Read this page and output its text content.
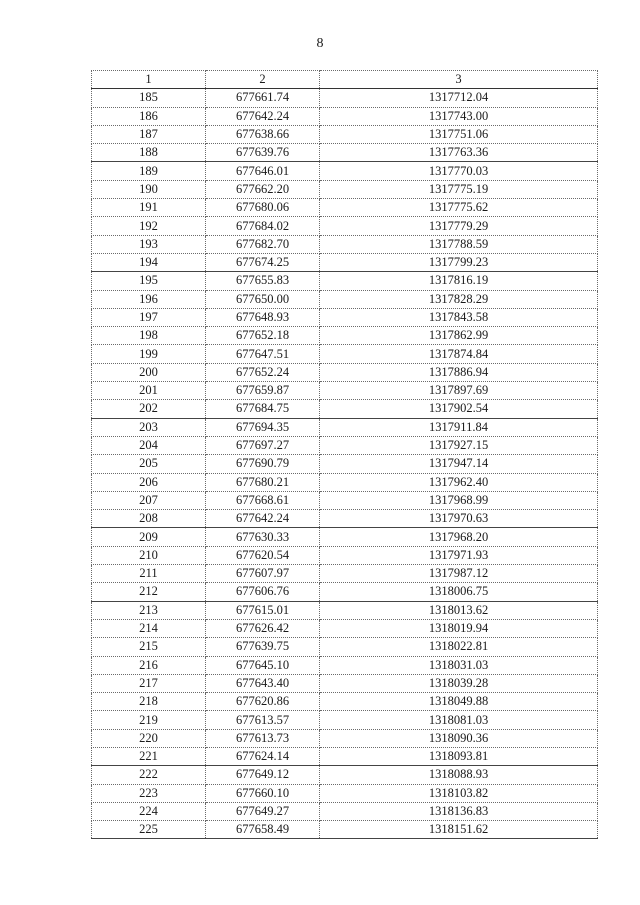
8
1	2	3
185	677661.74	1317712.04
186	677642.24	1317743.00
187	677638.66	1317751.06
188	677639.76	1317763.36
189	677646.01	1317770.03
190	677662.20	1317775.19
191	677680.06	1317775.62
192	677684.02	1317779.29
193	677682.70	1317788.59
194	677674.25	1317799.23
195	677655.83	1317816.19
196	677650.00	1317828.29
197	677648.93	1317843.58
198	677652.18	1317862.99
199	677647.51	1317874.84
200	677652.24	1317886.94
201	677659.87	1317897.69
202	677684.75	1317902.54
203	677694.35	1317911.84
204	677697.27	1317927.15
205	677690.79	1317947.14
206	677680.21	1317962.40
207	677668.61	1317968.99
208	677642.24	1317970.63
209	677630.33	1317968.20
210	677620.54	1317971.93
211	677607.97	1317987.12
212	677606.76	1318006.75
213	677615.01	1318013.62
214	677626.42	1318019.94
215	677639.75	1318022.81
216	677645.10	1318031.03
217	677643.40	1318039.28
218	677620.86	1318049.88
219	677613.57	1318081.03
220	677613.73	1318090.36
221	677624.14	1318093.81
222	677649.12	1318088.93
223	677660.10	1318103.82
224	677649.27	1318136.83
225	677658.49	1318151.62
